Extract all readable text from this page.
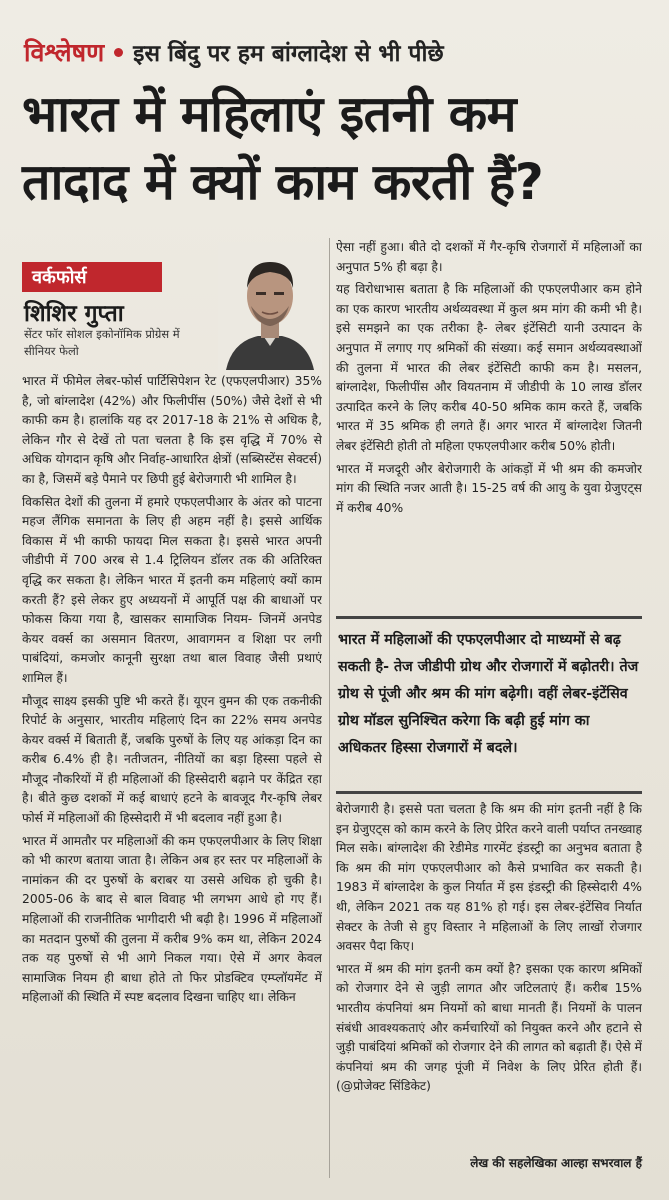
विश्लेषण इस बिंदु पर हम बांग्लादेश से भी पीछे
भारत में महिलाएं इतनी कम
तादाद में क्यों काम करती हैं?
वर्कफोर्स
शिशिर गुप्ता
सेंटर फॉर सोशल इकोनॉमिक प्रोग्रेस में सीनियर फेलो

भारत में फीमेल लेबर-फोर्स पार्टिसिपेशन रेट (एफएलपीआर) 35% है, जो बांग्लादेश (42%) और फिलीपींस (50%) जैसे देशों से भी काफी कम है। हालांकि यह दर 2017-18 के 21% से अधिक है, लेकिन गौर से देखें तो पता चलता है कि इस वृद्धि में 70% से अधिक योगदान कृषि और निर्वाह-आधारित क्षेत्रों (सब्सिस्टेंस सेक्टर्स) का है, जिसमें बड़े पैमाने पर छिपी हुई बेरोजगारी भी शामिल है।

विकसित देशों की तुलना में हमारे एफएलपीआर के अंतर को पाटना महज लैंगिक समानता के लिए ही अहम नहीं है। इससे आर्थिक विकास में भी काफी फायदा मिल सकता है। इससे भारत अपनी जीडीपी में 700 अरब से 1.4 ट्रिलियन डॉलर तक की अतिरिक्त वृद्धि कर सकता है। लेकिन भारत में इतनी कम महिलाएं क्यों काम करती हैं? इसे लेकर हुए अध्ययनों में आपूर्ति पक्ष की बाधाओं पर फोकस किया गया है, खासकर सामाजिक नियम- जिनमें अनपेड केयर वर्क्स का असमान वितरण, आवागमन व शिक्षा पर लगी पाबंदियां, कमजोर कानूनी सुरक्षा तथा बाल विवाह जैसी प्रथाएं शामिल हैं।

मौजूद साक्ष्य इसकी पुष्टि भी करते हैं। यूएन वुमन की एक तकनीकी रिपोर्ट के अनुसार, भारतीय महिलाएं दिन का 22% समय अनपेड केयर वर्क्स में बिताती हैं, जबकि पुरुषों के लिए यह आंकड़ा दिन का करीब 6.4% ही है। नतीजतन, नीतियों का बड़ा हिस्सा पहले से मौजूद नौकरियों में ही महिलाओं की हिस्सेदारी बढ़ाने पर केंद्रित रहा है। बीते कुछ दशकों में कई बाधाएं हटने के बावजूद गैर-कृषि लेबर फोर्स में महिलाओं की हिस्सेदारी में भी बदलाव नहीं हुआ है।

भारत में आमतौर पर महिलाओं की कम एफएलपीआर के लिए शिक्षा को भी कारण बताया जाता है। लेकिन अब हर स्तर पर महिलाओं के नामांकन की दर पुरुषों के बराबर या उससे अधिक हो चुकी है। 2005-06 के बाद से बाल विवाह भी लगभग आधे हो गए हैं। महिलाओं की राजनीतिक भागीदारी भी बढ़ी है। 1996 में महिलाओं का मतदान पुरुषों की तुलना में करीब 9% कम था, लेकिन 2024 तक यह पुरुषों से भी आगे निकल गया। ऐसे में अगर केवल सामाजिक नियम ही बाधा होते तो फिर प्रोडक्टिव एम्प्लॉयमेंट में महिलाओं की स्थिति में स्पष्ट बदलाव दिखना चाहिए था। लेकिन

ऐसा नहीं हुआ। बीते दो दशकों में गैर-कृषि रोजगारों में महिलाओं का अनुपात 5% ही बढ़ा है।

यह विरोधाभास बताता है कि महिलाओं की एफएलपीआर कम होने का एक कारण भारतीय अर्थव्यवस्था में कुल श्रम मांग की कमी भी है। इसे समझने का एक तरीका है- लेबर इंटेंसिटी यानी उत्पादन के अनुपात में लगाए गए श्रमिकों की संख्या। कई समान अर्थव्यवस्थाओं की तुलना में भारत की लेबर इंटेंसिटी काफी कम है। मसलन, बांग्लादेश, फिलीपींस और वियतनाम में जीडीपी के 10 लाख डॉलर उत्पादित करने के लिए करीब 40-50 श्रमिक काम करते हैं, जबकि भारत में 35 श्रमिक ही लगते हैं। अगर भारत में बांग्लादेश जितनी लेबर इंटेंसिटी होती तो महिला एफएलपीआर करीब 50% होती।

भारत में मजदूरी और बेरोजगारी के आंकड़ों में भी श्रम की कमजोर मांग की स्थिति नजर आती है। 15-25 वर्ष की आयु के युवा ग्रेजुएट्स में करीब 40%

भारत में महिलाओं की एफएलपीआर दो माध्यमों से बढ़ सकती है- तेज जीडीपी ग्रोथ और रोजगारों में बढ़ोतरी। तेज ग्रोथ से पूंजी और श्रम की मांग बढ़ेगी। वहीं लेबर-इंटेंसिव ग्रोथ मॉडल सुनिश्चित करेगा कि बढ़ी हुई मांग का अधिकतर हिस्सा रोजगारों में बदले।

बेरोजगारी है। इससे पता चलता है कि श्रम की मांग इतनी नहीं है कि इन ग्रेजुएट्स को काम करने के लिए प्रेरित करने वाली पर्याप्त तनख्वाह मिल सके। बांग्लादेश की रेडीमेड गारमेंट इंडस्ट्री का अनुभव बताता है कि श्रम की मांग एफएलपीआर को कैसे प्रभावित कर सकती है। 1983 में बांग्लादेश के कुल निर्यात में इस इंडस्ट्री की हिस्सेदारी 4% थी, लेकिन 2021 तक यह 81% हो गई। इस लेबर-इंटेंसिव निर्यात सेक्टर के तेजी से हुए विस्तार ने महिलाओं के लिए लाखों रोजगार अवसर पैदा किए।

भारत में श्रम की मांग इतनी कम क्यों है? इसका एक कारण श्रमिकों को रोजगार देने से जुड़ी लागत और जटिलताएं हैं। करीब 15% भारतीय कंपनियां श्रम नियमों को बाधा मानती हैं। नियमों के पालन संबंधी आवश्यकताएं और कर्मचारियों को नियुक्त करने और हटाने से जुड़ी पाबंदियां श्रमिकों को रोजगार देने की लागत को बढ़ाती हैं। ऐसे में कंपनियां श्रम की जगह पूंजी में निवेश के लिए प्रेरित होती हैं। (@प्रोजेक्ट सिंडिकेट)

लेख की सहलेखिका आल्हा सभरवाल हैं
